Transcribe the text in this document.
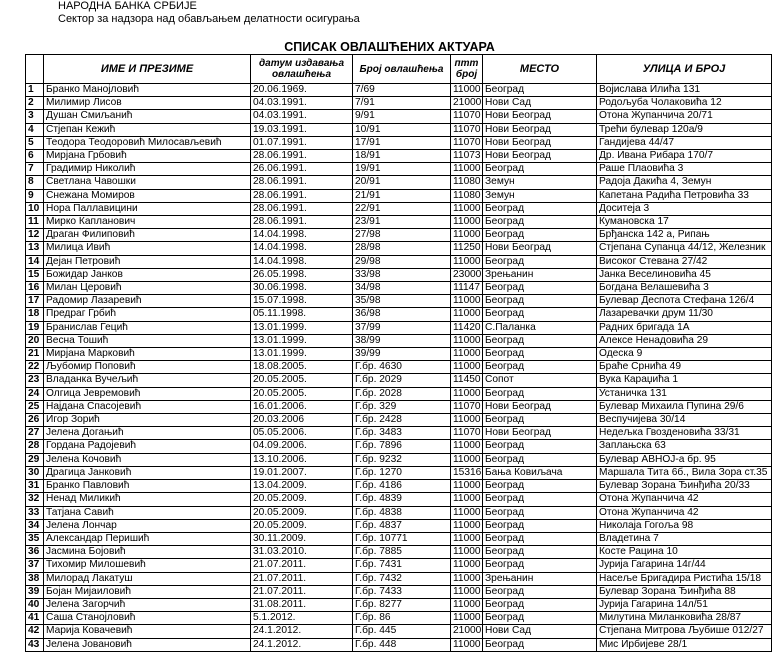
НАРОДНА БАНКА СРБИЈЕ
Сектор за надзора над обављањем делатности осигурања
СПИСАК ОВЛАШЋЕНИХ АКТУАРА
	ИМЕ И ПРЕЗИМЕ	датум издавања овлашћења	Број овлашћења	птт број	МЕСТО	УЛИЦА И БРОЈ
1	Бранко Манојловић	20.06.1969.	7/69	11000	Београд	Војислава Илића 131
2	Милимир Лисов	04.03.1991.	7/91	21000	Нови Сад	Родољуба Чолаковића 12
3	Душан Смиљанић	04.03.1991.	9/91	11070	Нови Београд	Отона Жупанчича 20/71
4	Стјепан Кежић	19.03.1991.	10/91	11070	Нови Београд	Трећи булевар 120а/9
5	Теодора Теодоровић Милосављевић	01.07.1991.	17/91	11070	Нови Београд	Гандијева 44/47
6	Мирјана Грбовић	28.06.1991.	18/91	11073	Нови Београд	Др. Ивана Рибара 170/7
7	Градимир Николић	26.06.1991.	19/91	11000	Београд	Раше Плаовића 3
8	Светлана Чавошки	28.06.1991.	20/91	11080	Земун	Радоја Дакића 4, Земун
9	Снежана Момиров	28.06.1991.	21/91	11080	Земун	Капетана Радића Петровића 33
10	Нора Паллавицини	28.06.1991.	22/91	11000	Београд	Доситеја 3
11	Мирко Капланович	28.06.1991.	23/91	11000	Београд	Кумановска 17
12	Драган Филиповић	14.04.1998.	27/98	11000	Београд	Брђанска 142 а, Рипањ
13	Милица Ивић	14.04.1998.	28/98	11250	Нови Београд	Стјепана Супанца 44/12, Железник
14	Дејан Петровић	14.04.1998.	29/98	11000	Београд	Високог Стевана 27/42
15	Божидар Јанков	26.05.1998.	33/98	23000	Зрењанин	Јанка Веселиновића 45
16	Милан Церовић	30.06.1998.	34/98	11147	Београд	Богдана Велашевића 3
17	Радомир Лазаревић	15.07.1998.	35/98	11000	Београд	Булевар Деспота Стефана 126/4
18	Предраг Грбић	05.11.1998.	36/98	11000	Београд	Лазаревачки друм 11/30
19	Бранислав Гецић	13.01.1999.	37/99	11420	С.Паланка	Радних бригада 1А
20	Весна Тошић	13.01.1999.	38/99	11000	Београд	Алексе Ненадовића 29
21	Мирјана Марковић	13.01.1999.	39/99	11000	Београд	Одеска 9
22	Љубомир Поповић	18.08.2005.	Г.бр. 4630	11000	Београд	Браће Срнића 49
23	Владанка Вучељић	20.05.2005.	Г.бр. 2029	11450	Сопот	Вука Караџића 1
24	Олгица Јевремовић	20.05.2005.	Г.бр. 2028	11000	Београд	Устаничка 131
25	Најдана Спасојевић	16.01.2006.	Г.бр. 329	11070	Нови Београд	Булевар Михаила Пупина 29/6
26	Игор Зорић	20.03.2006	Г.бр. 2428	11000	Београд	Веспучијева 30/14
27	Јелена Догањић	05.05.2006.	Г.бр. 3483	11070	Нови Београд	Недељка Гвозденовића 33/31
28	Гордана Радојевић	04.09.2006.	Г.бр. 7896	11000	Београд	Заплањска 63
29	Јелена Кочовић	13.10.2006.	Г.бр. 9232	11000	Београд	Булевар АВНОЈ-а бр. 95
30	Драгица Јанковић	19.01.2007.	Г.бр. 1270	15316	Бања Ковиљача	Маршала Тита 6б., Вила Зора ст.35
31	Бранко Павловић	13.04.2009.	Г.бр. 4186	11000	Београд	Булевар Зорана Ђинђића 20/33
32	Ненад Миликић	20.05.2009.	Г.бр. 4839	11000	Београд	Отона Жупанчича 42
33	Татјана Савић	20.05.2009.	Г.бр. 4838	11000	Београд	Отона Жупанчича 42
34	Јелена Лончар	20.05.2009.	Г.бр. 4837	11000	Београд	Николаја Гогоља 98
35	Александар Перишић	30.11.2009.	Г.бр. 10771	11000	Београд	Владетина 7
36	Јасмина Бојовић	31.03.2010.	Г.бр. 7885	11000	Београд	Косте Рацина 10
37	Тихомир Милошевић	21.07.2011.	Г.бр. 7431	11000	Београд	Јурија Гагарина 14г/44
38	Милорад Лакатуш	21.07.2011.	Г.бр. 7432	11000	Зрењанин	Насеље Бригадира Ристића 15/18
39	Бојан Мијаиловић	21.07.2011.	Г.бр. 7433	11000	Београд	Булевар Зорана Ђинђића 88
40	Јелена Загорчић	31.08.2011.	Г.бр. 8277	11000	Београд	Јурија Гагарина 14л/51
41	Саша Станојловић	5.1.2012.	Г.бр. 86	11000	Београд	Милутина Миланковића 28/87
42	Марија Ковачевић	24.1.2012.	Г.бр. 445	21000	Нови Сад	Стјепана Митрова Љубише 012/27
43	Јелена Јовановић	24.1.2012.	Г.бр. 448	11000	Београд	Мис Ирбијеве 28/1
